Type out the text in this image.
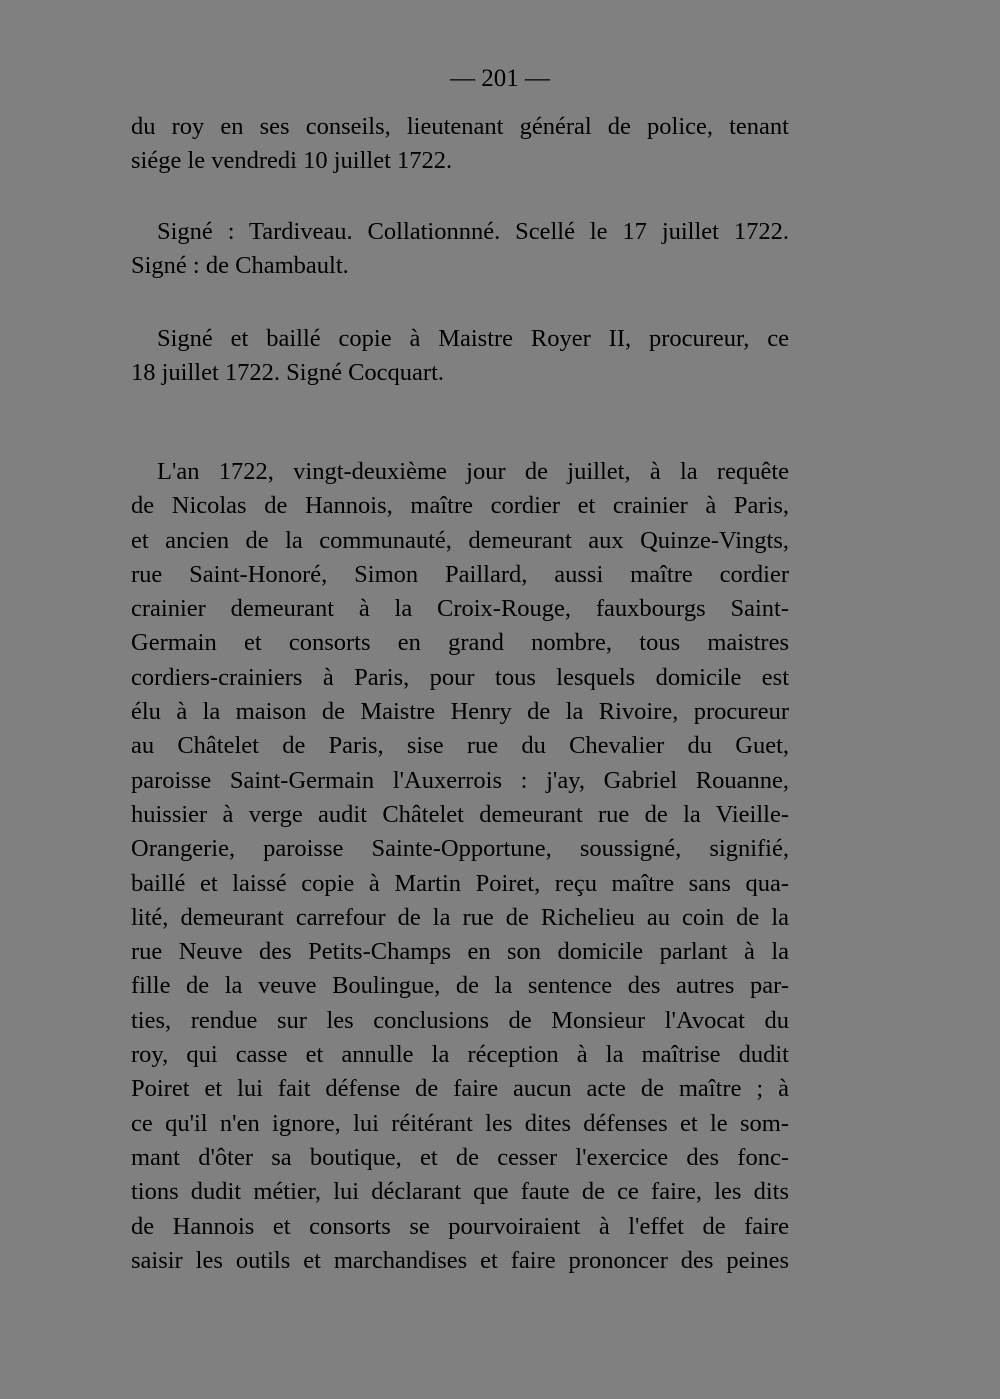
— 201 —
du roy en ses conseils, lieutenant général de police, tenant
siége le vendredi 10 juillet 1722.
Signé : Tardiveau. Collationnné. Scellé le 17 juillet 1722.
Signé : de Chambault.
Signé et baillé copie à Maistre Royer II, procureur, ce
18 juillet 1722. Signé Cocquart.
L'an 1722, vingt-deuxième jour de juillet, à la requête
de Nicolas de Hannois, maître cordier et crainier à Paris,
et ancien de la communauté, demeurant aux Quinze-Vingts,
rue Saint-Honoré, Simon Paillard, aussi maître cordier
crainier demeurant à la Croix-Rouge, fauxbourgs Saint-
Germain et consorts en grand nombre, tous maistres
cordiers-crainiers à Paris, pour tous lesquels domicile est
élu à la maison de Maistre Henry de la Rivoire, procureur
au Châtelet de Paris, sise rue du Chevalier du Guet,
paroisse Saint-Germain l'Auxerrois : j'ay, Gabriel Rouanne,
huissier à verge audit Châtelet demeurant rue de la Vieille-
Orangerie, paroisse Sainte-Opportune, soussigné, signifié,
baillé et laissé copie à Martin Poiret, reçu maître sans qua-
lité, demeurant carrefour de la rue de Richelieu au coin de la
rue Neuve des Petits-Champs en son domicile parlant à la
fille de la veuve Boulingue, de la sentence des autres par-
ties, rendue sur les conclusions de Monsieur l'Avocat du
roy, qui casse et annulle la réception à la maîtrise dudit
Poiret et lui fait défense de faire aucun acte de maître ; à
ce qu'il n'en ignore, lui réitérant les dites défenses et le som-
mant d'ôter sa boutique, et de cesser l'exercice des fonc-
tions dudit métier, lui déclarant que faute de ce faire, les dits
de Hannois et consorts se pourvoiraient à l'effet de faire
saisir les outils et marchandises et faire prononcer des peines
